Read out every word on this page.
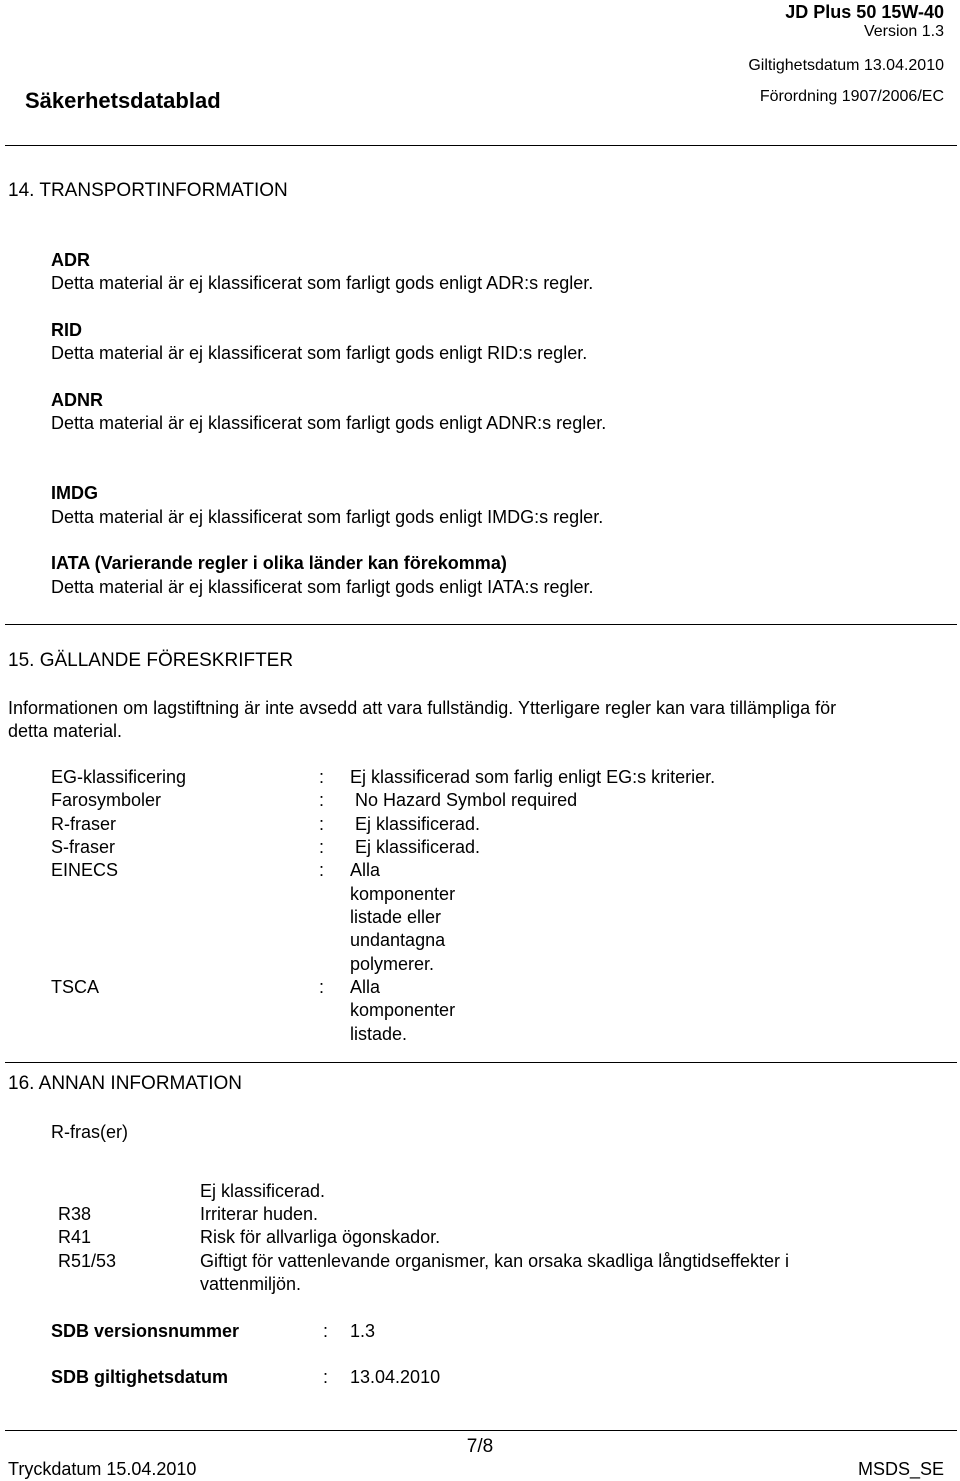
JD Plus 50 15W-40
Version 1.3
Giltighetsdatum 13.04.2010
Säkerhetsdatablad	Förordning 1907/2006/EC
14. TRANSPORTINFORMATION
ADR
Detta material är ej klassificerat som farligt gods enligt ADR:s regler.
RID
Detta material är ej klassificerat som farligt gods enligt RID:s regler.
ADNR
Detta material är ej klassificerat som farligt gods enligt ADNR:s regler.
IMDG
Detta material är ej klassificerat som farligt gods enligt IMDG:s regler.
IATA (Varierande regler i olika länder kan förekomma)
Detta material är ej klassificerat som farligt gods enligt IATA:s regler.
15. GÄLLANDE FÖRESKRIFTER
Informationen om lagstiftning är inte avsedd att vara fullständig. Ytterligare regler kan vara tillämpliga för
detta material.
EG-klassificering	: Ej klassificerad som farlig enligt EG:s kriterier.
Farosymboler	: No Hazard Symbol required
R-fraser	: Ej klassificerad.
S-fraser	: Ej klassificerad.
EINECS	: Alla
komponenter
listade eller
undantagna
polymerer.
TSCA	: Alla
komponenter
listade.
16. ANNAN INFORMATION
R-fras(er)
Ej klassificerad.
R38	Irriterar huden.
R41	Risk för allvarliga ögonskador.
R51/53	Giftigt för vattenlevande organismer, kan orsaka skadliga långtidseffekter i
vattenmiljön.
SDB versionsnummer	: 1.3
SDB giltighetsdatum	: 13.04.2010
7/8
Tryckdatum 15.04.2010	MSDS_SE
